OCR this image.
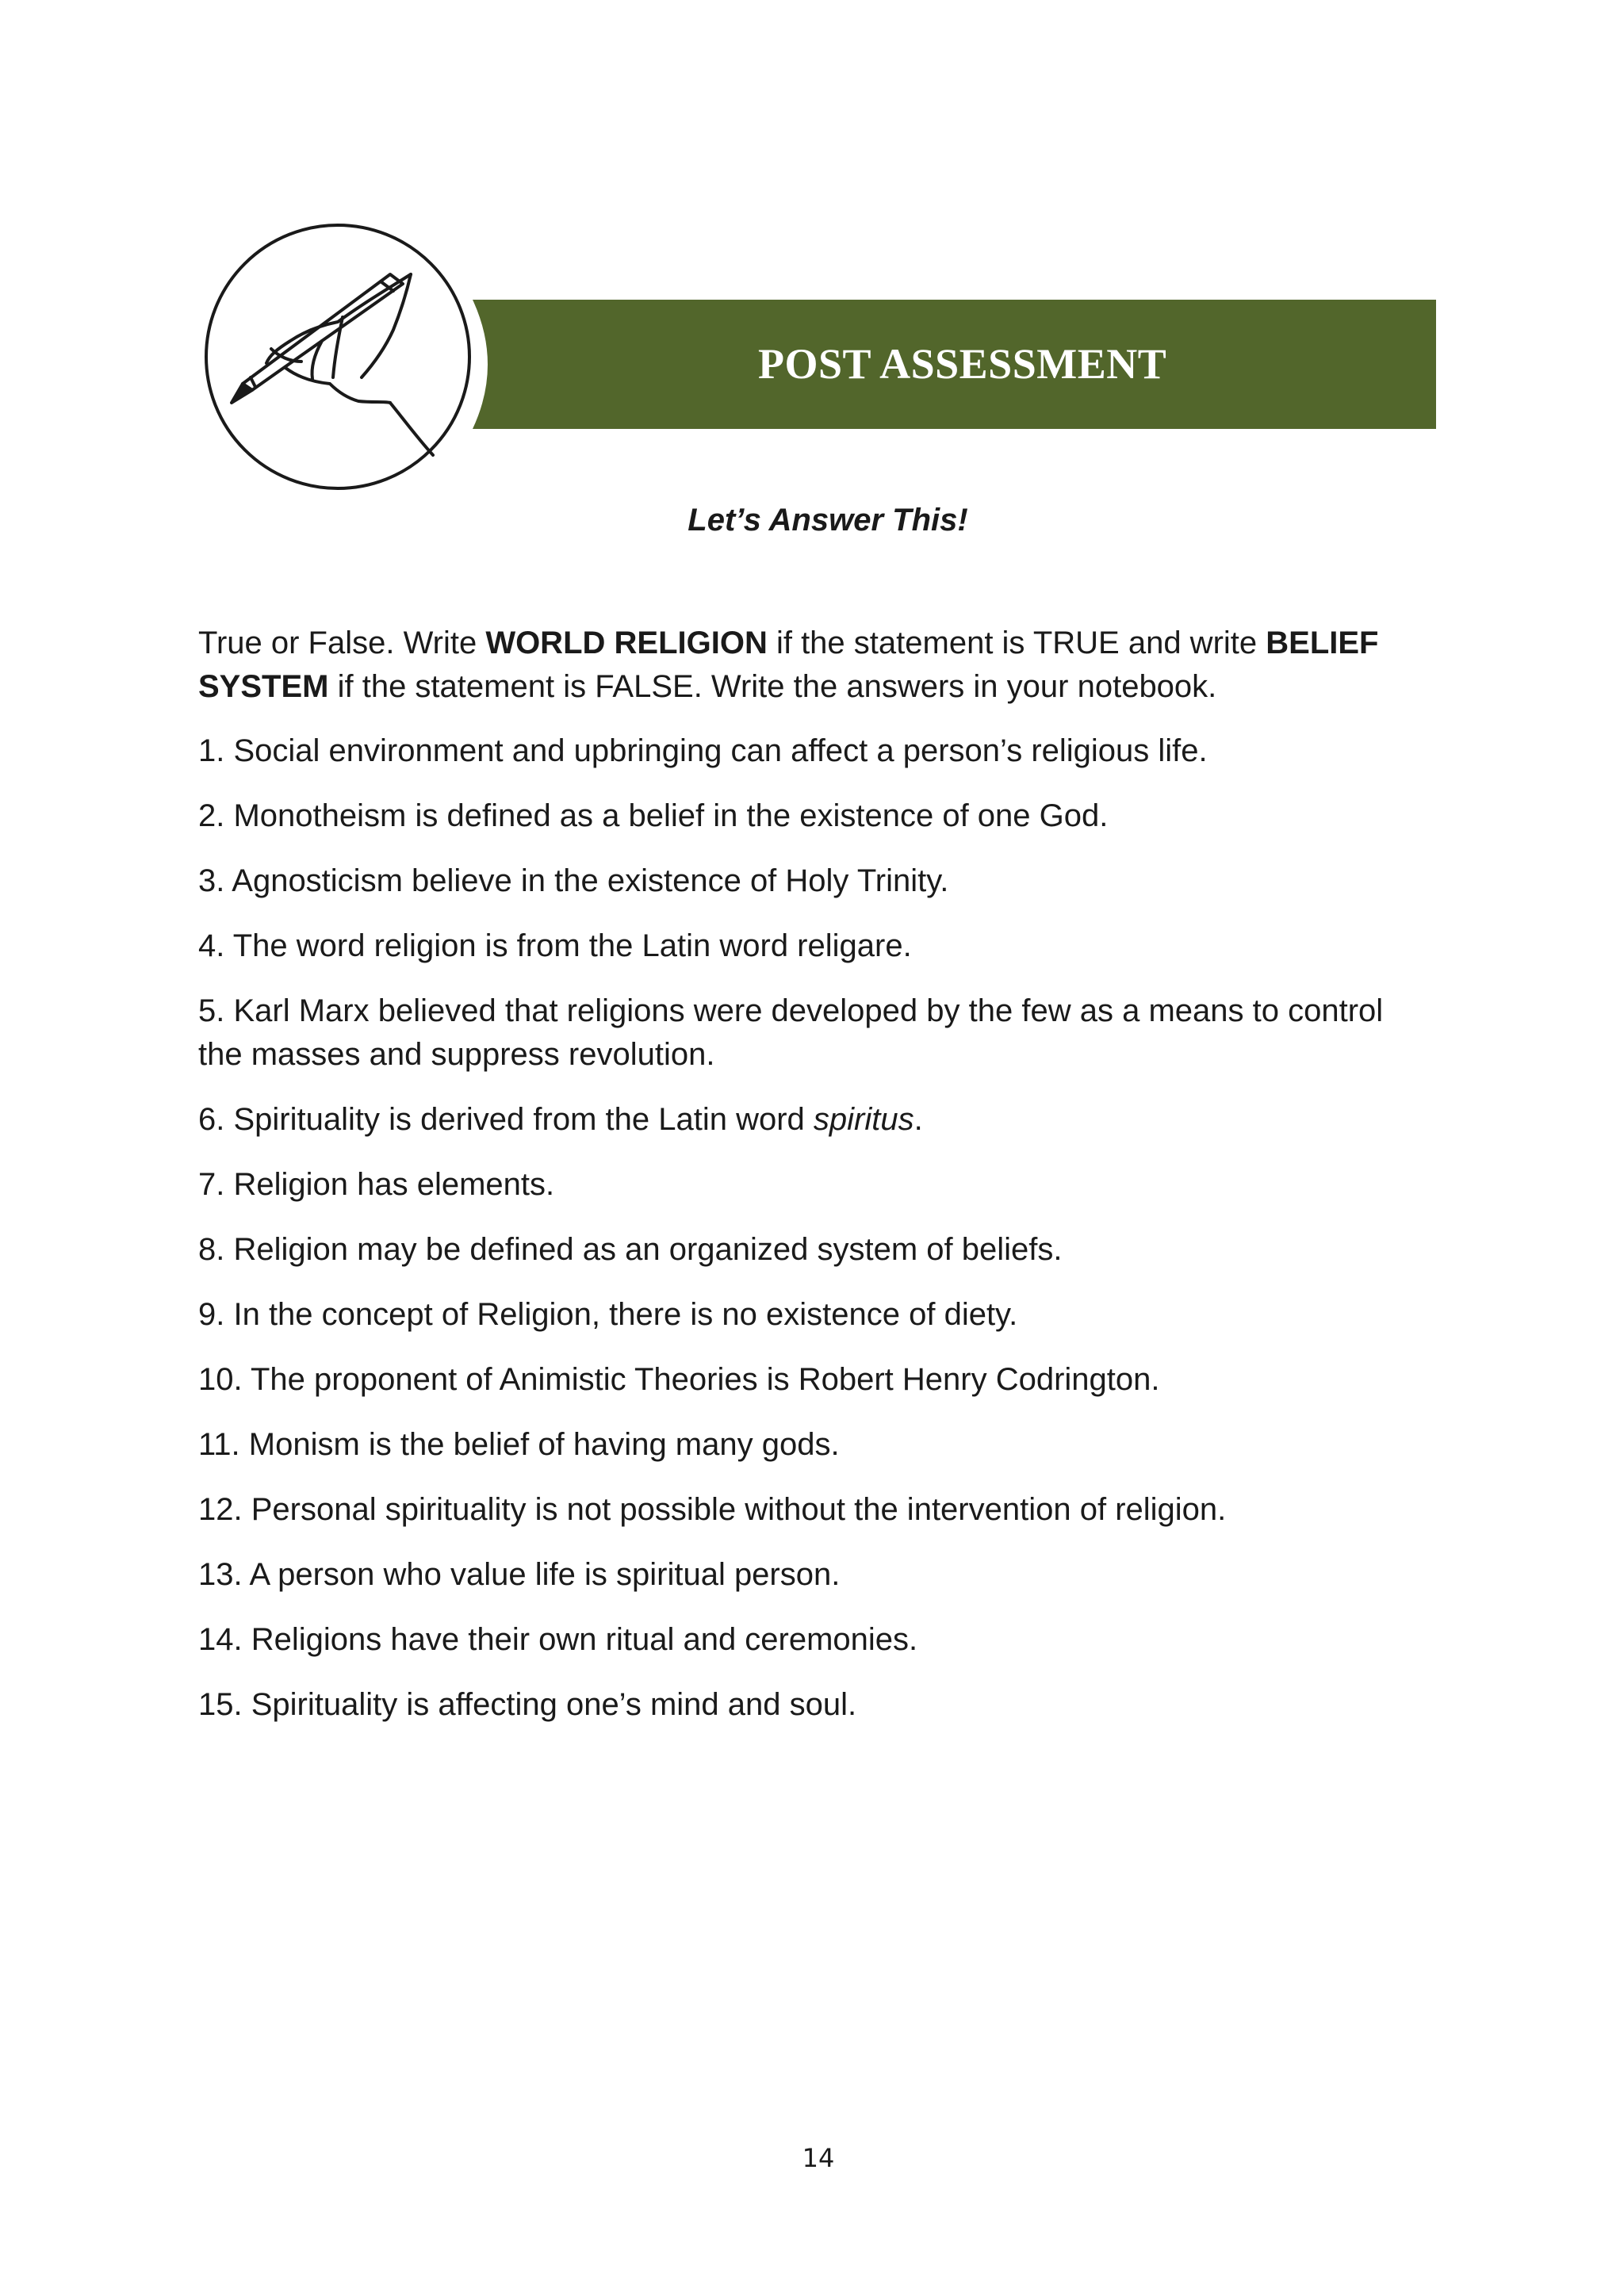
POST ASSESSMENT
Let’s Answer This!

True or False. Write WORLD RELIGION if the statement is TRUE and write BELIEF SYSTEM if the statement is FALSE. Write the answers in your notebook.

1. Social environment and upbringing can affect a person’s religious life.
2. Monotheism is defined as a belief in the existence of one God.
3. Agnosticism believe in the existence of Holy Trinity.
4. The word religion is from the Latin word religare.
5. Karl Marx believed that religions were developed by the few as a means to control the masses and suppress revolution.
6. Spirituality is derived from the Latin word spiritus.
7. Religion has elements.
8. Religion may be defined as an organized system of beliefs.
9. In the concept of Religion, there is no existence of diety.
10. The proponent of Animistic Theories is Robert Henry Codrington.
11. Monism is the belief of having many gods.
12. Personal spirituality is not possible without the intervention of religion.
13. A person who value life is spiritual person.
14. Religions have their own ritual and ceremonies.
15. Spirituality is affecting one’s mind and soul.
14
